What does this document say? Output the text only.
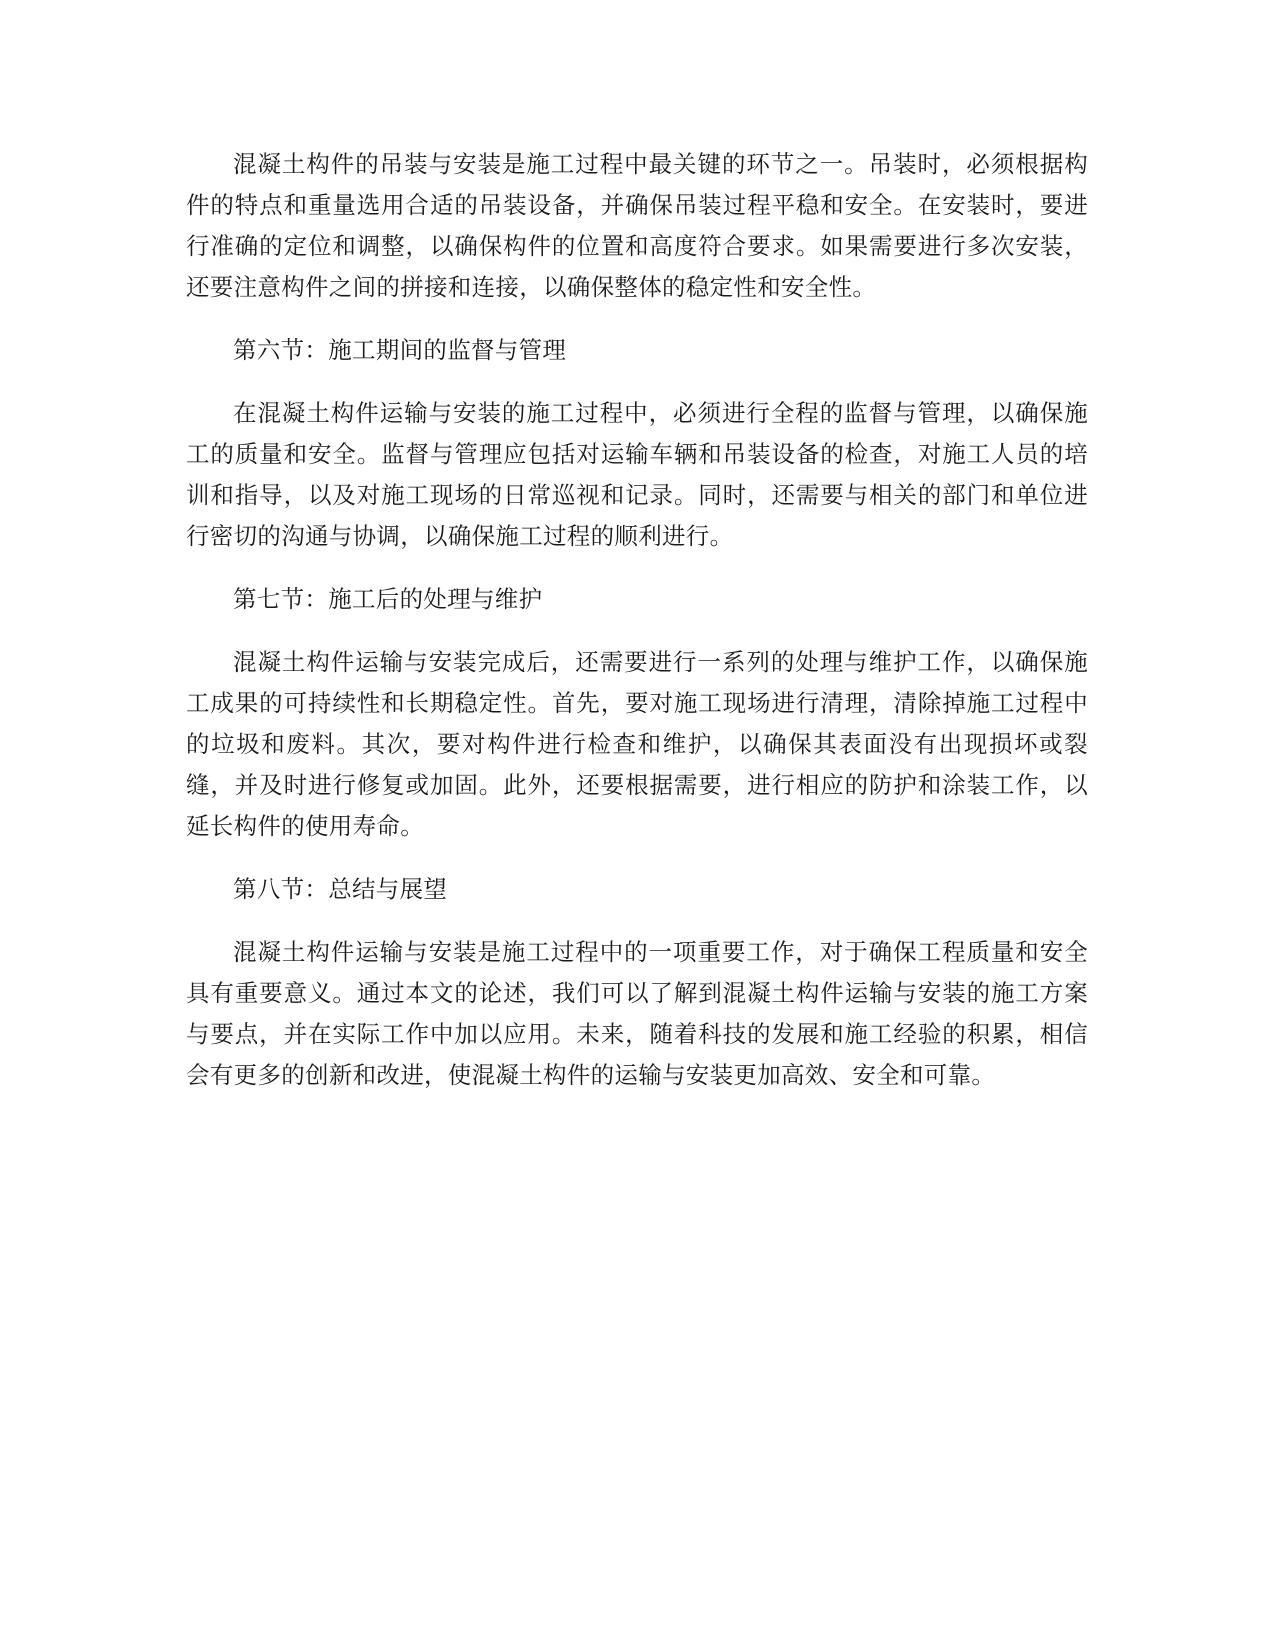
混凝土构件的吊装与安装是施工过程中最关键的环节之一。吊装时，必须根据构件的特点和重量选用合适的吊装设备，并确保吊装过程平稳和安全。在安装时，要进行准确的定位和调整，以确保构件的位置和高度符合要求。如果需要进行多次安装，还要注意构件之间的拼接和连接，以确保整体的稳定性和安全性。

第六节：施工期间的监督与管理

在混凝土构件运输与安装的施工过程中，必须进行全程的监督与管理，以确保施工的质量和安全。监督与管理应包括对运输车辆和吊装设备的检查，对施工人员的培训和指导，以及对施工现场的日常巡视和记录。同时，还需要与相关的部门和单位进行密切的沟通与协调，以确保施工过程的顺利进行。

第七节：施工后的处理与维护

混凝土构件运输与安装完成后，还需要进行一系列的处理与维护工作，以确保施工成果的可持续性和长期稳定性。首先，要对施工现场进行清理，清除掉施工过程中的垃圾和废料。其次，要对构件进行检查和维护，以确保其表面没有出现损坏或裂缝，并及时进行修复或加固。此外，还要根据需要，进行相应的防护和涂装工作，以延长构件的使用寿命。

第八节：总结与展望

混凝土构件运输与安装是施工过程中的一项重要工作，对于确保工程质量和安全具有重要意义。通过本文的论述，我们可以了解到混凝土构件运输与安装的施工方案与要点，并在实际工作中加以应用。未来，随着科技的发展和施工经验的积累，相信会有更多的创新和改进，使混凝土构件的运输与安装更加高效、安全和可靠。
